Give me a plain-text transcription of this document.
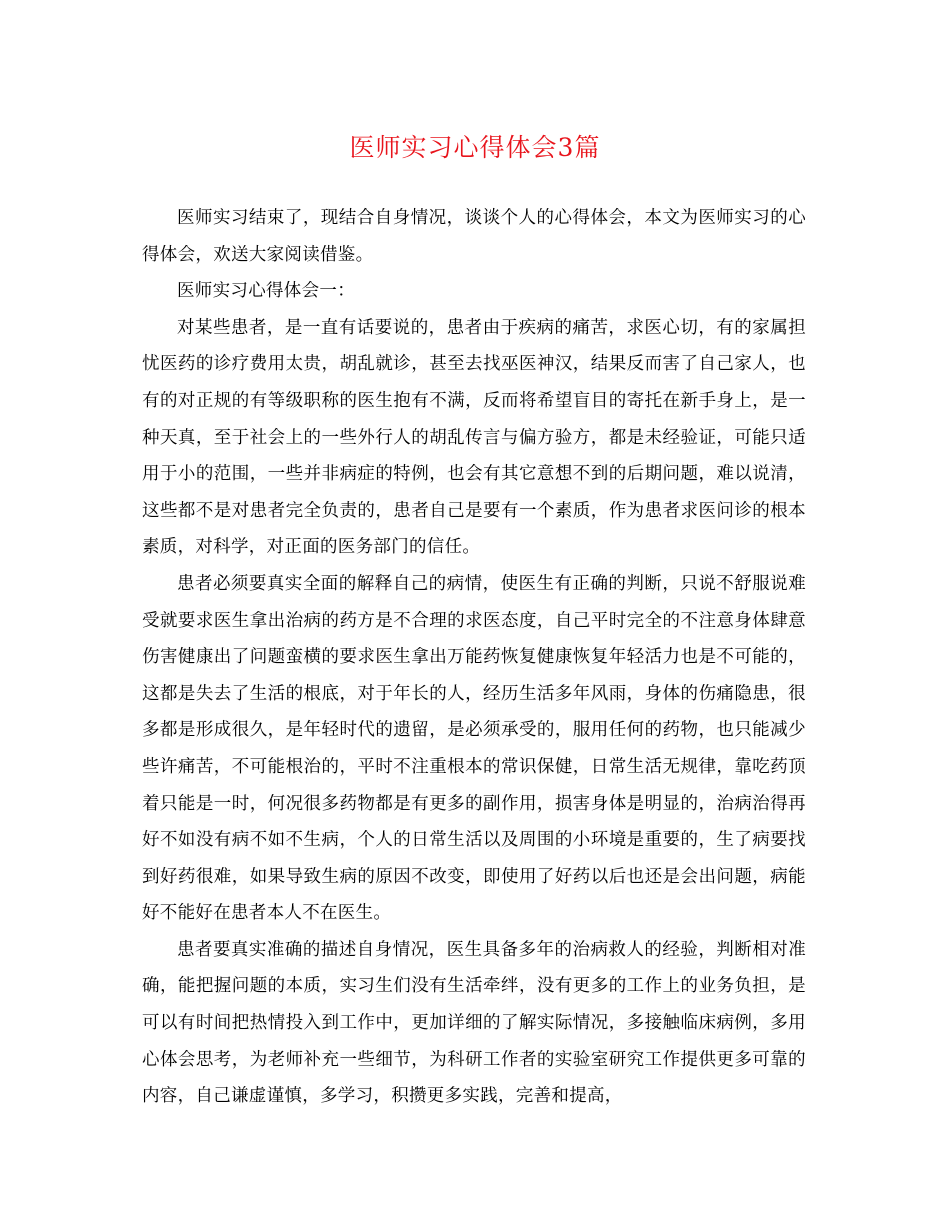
医师实习心得体会3篇

医师实习结束了，现结合自身情况，谈谈个人的心得体会，本文为医师实习的心得体会，欢送大家阅读借鉴。

医师实习心得体会一：

对某些患者，是一直有话要说的，患者由于疾病的痛苦，求医心切，有的家属担忧医药的诊疗费用太贵，胡乱就诊，甚至去找巫医神汉，结果反而害了自己家人，也有的对正规的有等级职称的医生抱有不满，反而将希望盲目的寄托在新手身上，是一种天真，至于社会上的一些外行人的胡乱传言与偏方验方，都是未经验证，可能只适用于小的范围，一些并非病症的特例，也会有其它意想不到的后期问题，难以说清，这些都不是对患者完全负责的，患者自己是要有一个素质，作为患者求医问诊的根本素质，对科学，对正面的医务部门的信任。

患者必须要真实全面的解释自己的病情，使医生有正确的判断，只说不舒服说难受就要求医生拿出治病的药方是不合理的求医态度，自己平时完全的不注意身体肆意伤害健康出了问题蛮横的要求医生拿出万能药恢复健康恢复年轻活力也是不可能的，这都是失去了生活的根底，对于年长的人，经历生活多年风雨，身体的伤痛隐患，很多都是形成很久，是年轻时代的遗留，是必须承受的，服用任何的药物，也只能减少些许痛苦，不可能根治的，平时不注重根本的常识保健，日常生活无规律，靠吃药顶着只能是一时，何况很多药物都是有更多的副作用，损害身体是明显的，治病治得再好不如没有病不如不生病，个人的日常生活以及周围的小环境是重要的，生了病要找到好药很难，如果导致生病的原因不改变，即使用了好药以后也还是会出问题，病能好不能好在患者本人不在医生。

患者要真实准确的描述自身情况，医生具备多年的治病救人的经验，判断相对准确，能把握问题的本质，实习生们没有生活牵绊，没有更多的工作上的业务负担，是可以有时间把热情投入到工作中，更加详细的了解实际情况，多接触临床病例，多用心体会思考，为老师补充一些细节，为科研工作者的实验室研究工作提供更多可靠的内容，自己谦虚谨慎，多学习，积攒更多实践，完善和提高，
